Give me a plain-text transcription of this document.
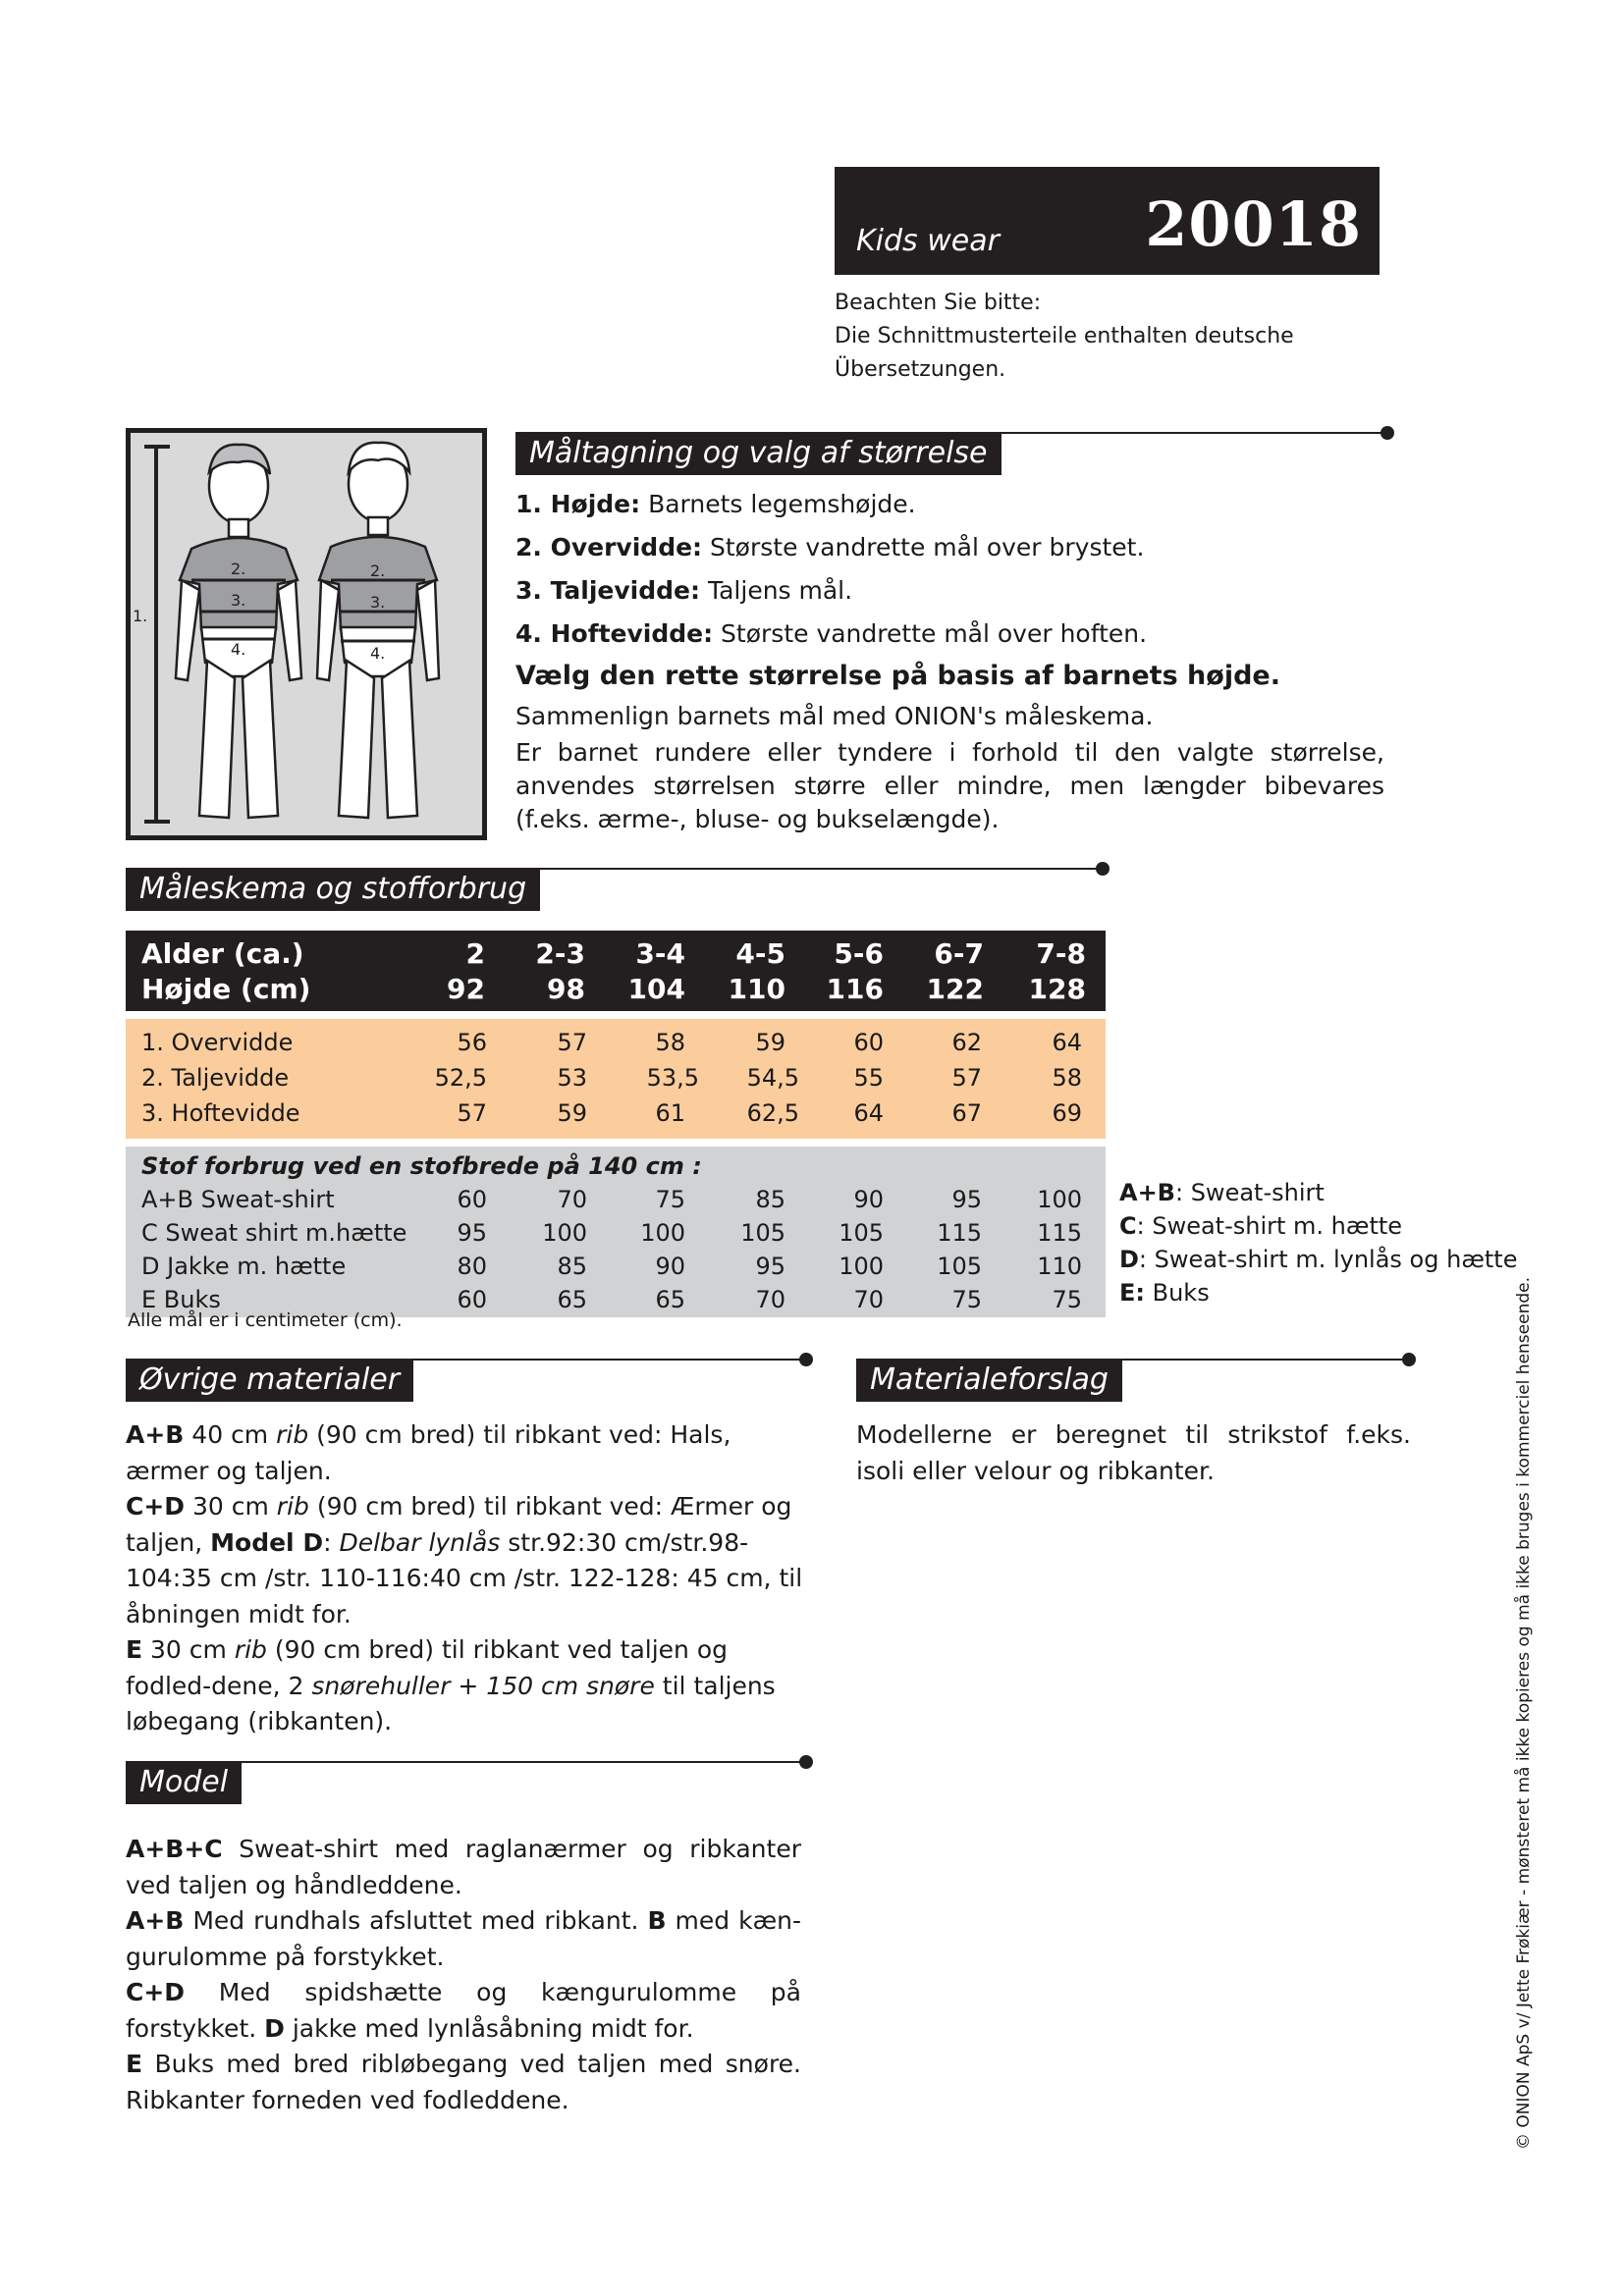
Kids wear 20018
Beachten Sie bitte:
Die Schnittmusterteile enthalten deutsche
Übersetzungen.
1.
2.
3.
4.
2.
3.
4.
Måltagning og valg af størrelse
1. Højde: Barnets legemshøjde.
2. Overvidde: Største vandrette mål over brystet.
3. Taljevidde: Taljens mål.
4. Hoftevidde: Største vandrette mål over hoften.
Vælg den rette størrelse på basis af barnets højde.
Sammenlign barnets mål med ONION's måleskema.
Er barnet rundere eller tyndere i forhold til den valgte størrelse, anvendes størrelsen større eller mindre, men længder bibevares (f.eks. ærme-, bluse- og bukselængde).
Måleskema og stofforbrug
Alder (ca.)	2 2-3 3-4 4-5 5-6 6-7 7-8
Højde (cm)	92 98 104 110 116 122 128
1. Overvidde	56	57	58	59	60	62	64
2. Taljevidde	52,5	53	53,5 54,5 55	57	58
3. Hoftevidde	57	59	61	62,5 64	67	69
Stof forbrug ved en stofbrede på 140 cm :
A+B Sweat-shirt	60	70	75	85	90	95 100
C Sweat shirt m.hætte 95 100 100 105 105 115 115
D Jakke m. hætte	80	85	90	95 100 105 110
E Buks	60	65	65	70	70	75	75
A+B: Sweat-shirt
C: Sweat-shirt m. hætte
D: Sweat-shirt m. lynlås og hætte
E: Buks
Alle mål er i centimeter (cm).
Øvrige materialer
A+B 40 cm rib (90 cm bred) til ribkant ved: Hals, ærmer og taljen.
C+D 30 cm rib (90 cm bred) til ribkant ved: Ærmer og taljen, Model D: Delbar lynlås str.92:30 cm/str.98-104:35 cm /str. 110-116:40 cm /str. 122-128: 45 cm, til åbningen midt for.
E 30 cm rib (90 cm bred) til ribkant ved taljen og fodled-dene, 2 snørehuller + 150 cm snøre til taljens løbegang (ribkanten).
Materialeforslag
Modellerne er beregnet til strikstof f.eks. isoli eller velour og ribkanter.
Model
A+B+C Sweat-shirt med raglanærmer og ribkanter ved taljen og håndleddene.
A+B Med rundhals afsluttet med ribkant. B med kæn-gurulomme på forstykket.
C+D Med spidshætte og kængurulomme på forstykket. D jakke med lynlåsåbning midt for.
E Buks med bred ribløbegang ved taljen med snøre. Ribkanter forneden ved fodleddene.	© ONION ApS v/ Jette Frøkiær - mønsteret må ikke kopieres og må ikke bruges i kommerciel henseende.
